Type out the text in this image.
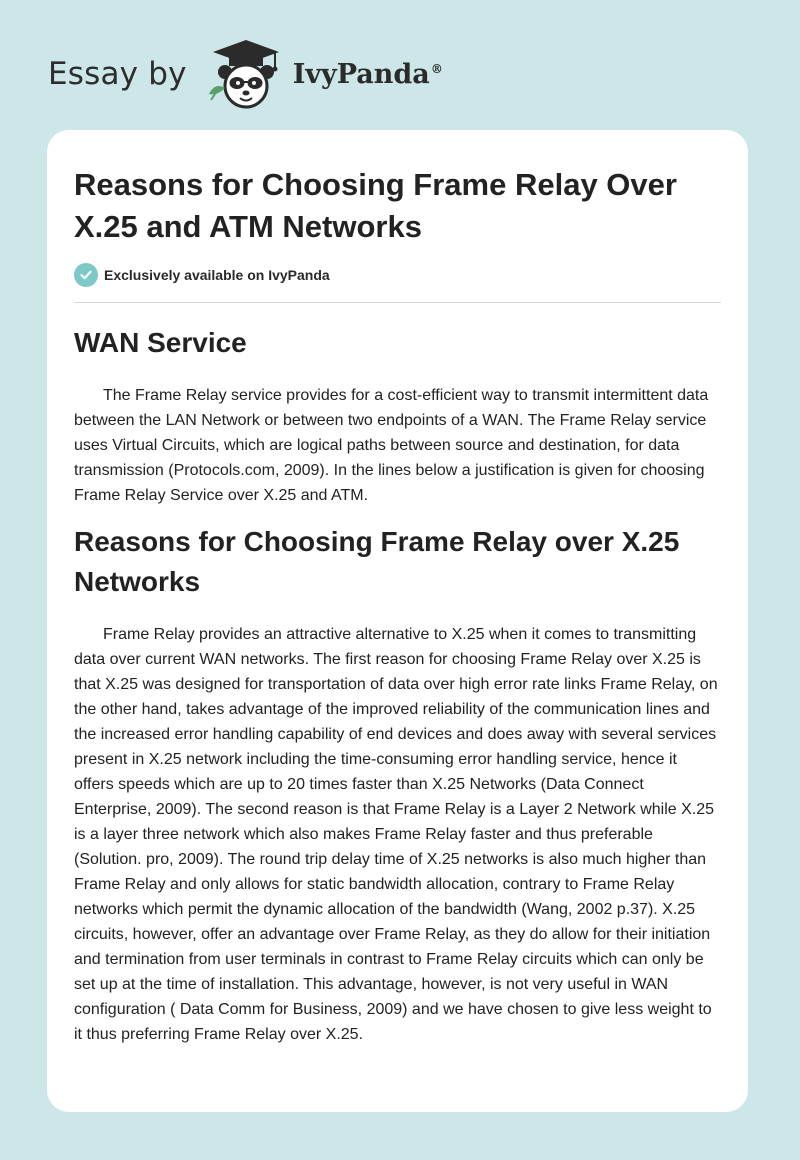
Essay by	IvyPanda®
Reasons for Choosing Frame Relay Over X.25 and ATM Networks
Exclusively available on IvyPanda
WAN Service

The Frame Relay service provides for a cost-efficient way to transmit intermittent data between the LAN Network or between two endpoints of a WAN. The Frame Relay service uses Virtual Circuits, which are logical paths between source and destination, for data transmission (Protocols.com, 2009). In the lines below a justification is given for choosing Frame Relay Service over X.25 and ATM.

Reasons for Choosing Frame Relay over X.25 Networks

Frame Relay provides an attractive alternative to X.25 when it comes to transmitting data over current WAN networks. The first reason for choosing Frame Relay over X.25 is that X.25 was designed for transportation of data over high error rate links Frame Relay, on the other hand, takes advantage of the improved reliability of the communication lines and the increased error handling capability of end devices and does away with several services present in X.25 network including the time-consuming error handling service, hence it offers speeds which are up to 20 times faster than X.25 Networks (Data Connect Enterprise, 2009). The second reason is that Frame Relay is a Layer 2 Network while X.25 is a layer three network which also makes Frame Relay faster and thus preferable (Solution. pro, 2009). The round trip delay time of X.25 networks is also much higher than Frame Relay and only allows for static bandwidth allocation, contrary to Frame Relay networks which permit the dynamic allocation of the bandwidth (Wang, 2002 p.37). X.25 circuits, however, offer an advantage over Frame Relay, as they do allow for their initiation and termination from user terminals in contrast to Frame Relay circuits which can only be set up at the time of installation. This advantage, however, is not very useful in WAN configuration ( Data Comm for Business, 2009) and we have chosen to give less weight to it thus preferring Frame Relay over X.25.
